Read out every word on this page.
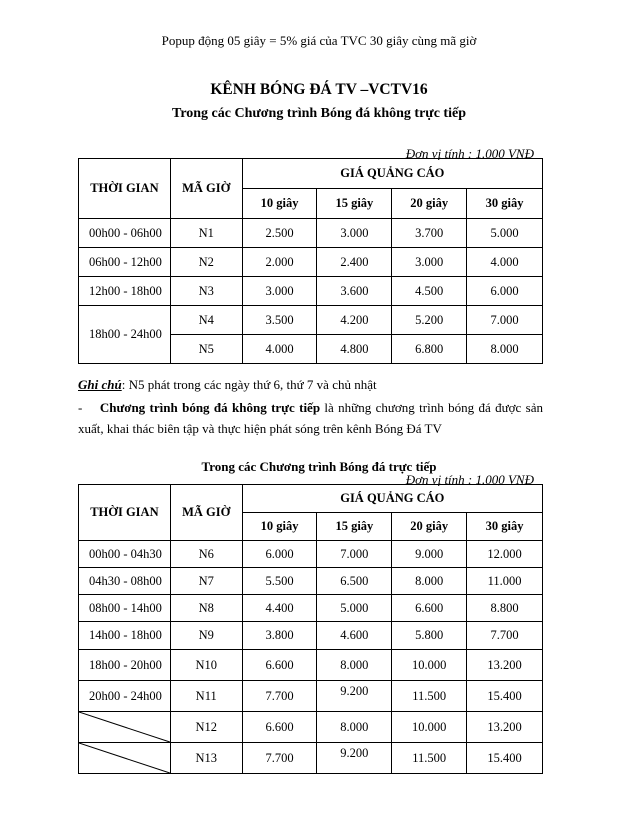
Popup động 05 giây = 5% giá của TVC 30 giây cùng mã giờ
KÊNH BÓNG ĐÁ TV –VCTV16
Trong các Chương trình Bóng đá không trực tiếp
Đơn vị tính : 1.000 VNĐ
THỜI GIAN	MÃ GIỜ	GIÁ QUẢNG CÁO			
		10 giây	15 giây	20 giây	30 giây
00h00 - 06h00	N1	2.500	3.000	3.700	5.000
06h00 - 12h00	N2	2.000	2.400	3.000	4.000
12h00 - 18h00	N3	3.000	3.600	4.500	6.000
18h00 - 24h00	N4	3.500	4.200	5.200	7.000
	N5	4.000	4.800	6.800	8.000
Ghi chú: N5 phát trong các ngày thứ 6, thứ 7 và chủ nhật
- Chương trình bóng đá không trực tiếp là những chương trình bóng đá được sản xuất, khai thác biên tập và thực hiện phát sóng trên kênh Bóng Đá TV
Trong các Chương trình Bóng đá trực tiếp
Đơn vị tính : 1.000 VNĐ
THỜI GIAN	MÃ GIỜ	GIÁ QUẢNG CÁO			
		10 giây	15 giây	20 giây	30 giây
00h00 - 04h30	N6	6.000	7.000	9.000	12.000
04h30 - 08h00	N7	5.500	6.500	8.000	11.000
08h00 - 14h00	N8	4.400	5.000	6.600	8.800
14h00 - 18h00	N9	3.800	4.600	5.800	7.700
18h00 - 20h00	N10	6.600	8.000	10.000	13.200
20h00 - 24h00	N11	7.700	9.200	11.500	15.400

	N12	6.600	8.000	10.000	13.200

	N13	7.700	9.200	11.500	15.400
